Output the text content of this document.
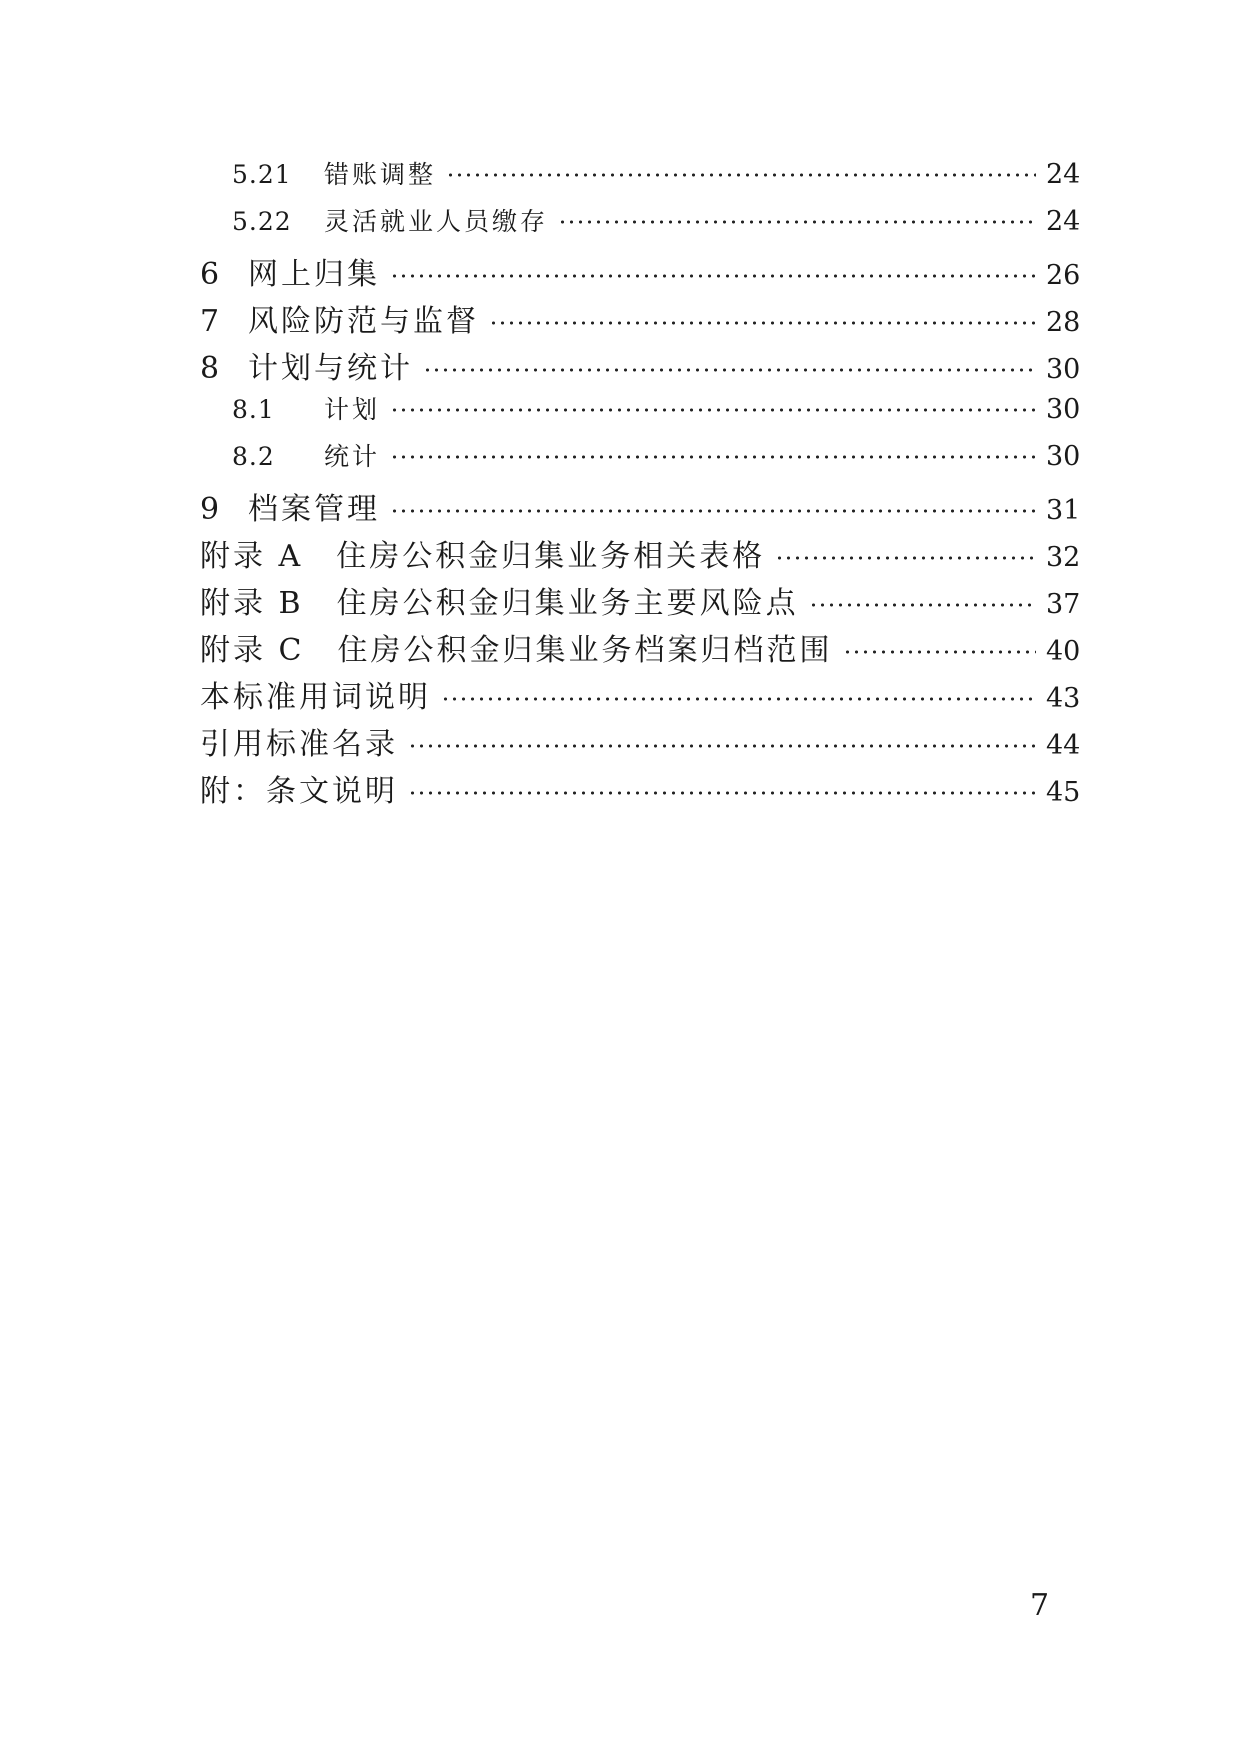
5.21	错账调整	24
5.22	灵活就业人员缴存	24
6 网上归集	26
7 风险防范与监督	28
8 计划与统计	30
8.1	计划	30
8.2	统计	30
9 档案管理	31
附录 A　住房公积金归集业务相关表格	32
附录 B　住房公积金归集业务主要风险点	37
附录 C　住房公积金归集业务档案归档范围	40
本标准用词说明	43
引用标准名录	44
附：条文说明	45
7
